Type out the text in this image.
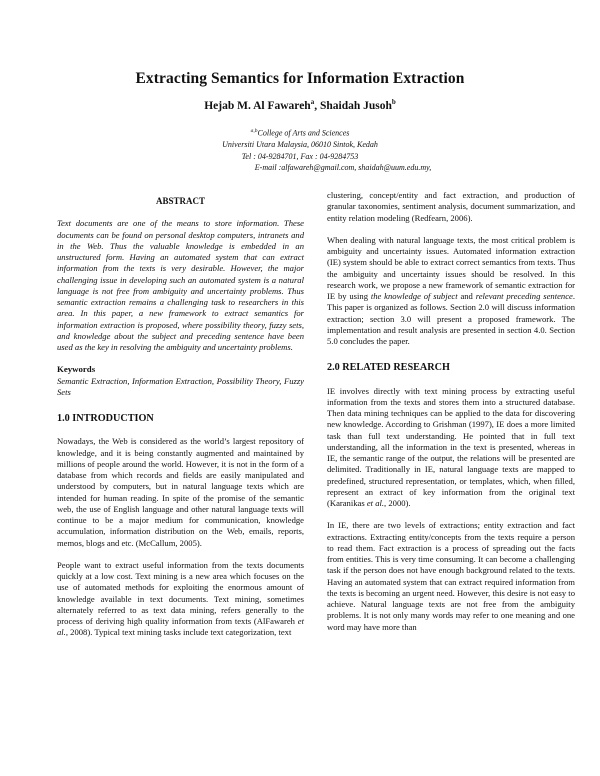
Extracting Semantics for Information Extraction
Hejab M. Al Fawareh$^a$, Shaidah Jusoh$^b$
$^{a,b}$College of Arts and Sciences
Universiti Utara Malaysia, 06010 Sintok, Kedah
Tel : 04-9284701, Fax : 04-9284753
E-mail :alfawareh@gmail.com, shaidah@uum.edu.my,
ABSTRACT
Text documents are one of the means to store information. These documents can be found on personal desktop computers, intranets and in the Web. Thus the valuable knowledge is embedded in an unstructured form. Having an automated system that can extract information from the texts is very desirable. However, the major challenging issue in developing such an automated system is a natural language is not free from ambiguity and uncertainty problems. Thus semantic extraction remains a challenging task to researchers in this area. In this paper, a new framework to extract semantics for information extraction is proposed, where possibility theory, fuzzy sets, and knowledge about the subject and preceding sentence have been used as the key in resolving the ambiguity and uncertainty problems.
Keywords
Semantic Extraction, Information Extraction, Possibility Theory, Fuzzy Sets
1.0 INTRODUCTION
Nowadays, the Web is considered as the world’s largest repository of knowledge, and it is being constantly augmented and maintained by millions of people around the world. However, it is not in the form of a database from which records and fields are easily manipulated and understood by computers, but in natural language texts which are intended for human reading. In spite of the promise of the semantic web, the use of English language and other natural language texts will continue to be a major medium for communication, knowledge accumulation, information distribution on the Web, emails, reports, memos, blogs and etc. (McCallum, 2005).
People want to extract useful information from the texts documents quickly at a low cost. Text mining is a new area which focuses on the use of automated methods for exploiting the enormous amount of knowledge available in text documents. Text mining, sometimes alternately referred to as text data mining, refers generally to the process of deriving high quality information from texts (AlFawareh et al., 2008). Typical text mining tasks include text categorization, text
clustering, concept/entity and fact extraction, and production of granular taxonomies, sentiment analysis, document summarization, and entity relation modeling (Redfearn, 2006).
When dealing with natural language texts, the most critical problem is ambiguity and uncertainty issues. Automated information extraction (IE) system should be able to extract correct semantics from texts. Thus the ambiguity and uncertainty issues should be resolved. In this research work, we propose a new framework of semantic extraction for IE by using the knowledge of subject and relevant preceding sentence. This paper is organized as follows. Section 2.0 will discuss information extraction; section 3.0 will present a proposed framework. The implementation and result analysis are presented in section 4.0. Section 5.0 concludes the paper.
2.0 RELATED RESEARCH
IE involves directly with text mining process by extracting useful information from the texts and stores them into a structured database. Then data mining techniques can be applied to the data for discovering new knowledge. According to Grishman (1997), IE does a more limited task than full text understanding. He pointed that in full text understanding, all the information in the text is presented, whereas in IE, the semantic range of the output, the relations will be presented are delimited. Traditionally in IE, natural language texts are mapped to predefined, structured representation, or templates, which, when filled, represent an extract of key information from the original text (Karanikas et al., 2000).
In IE, there are two levels of extractions; entity extraction and fact extractions. Extracting entity/concepts from the texts require a person to read them. Fact extraction is a process of spreading out the facts from entities. This is very time consuming. It can become a challenging task if the person does not have enough background related to the texts. Having an automated system that can extract required information from the texts is becoming an urgent need. However, this desire is not easy to achieve. Natural language texts are not free from the ambiguity problems. It is not only many words may refer to one meaning and one word may have more than
